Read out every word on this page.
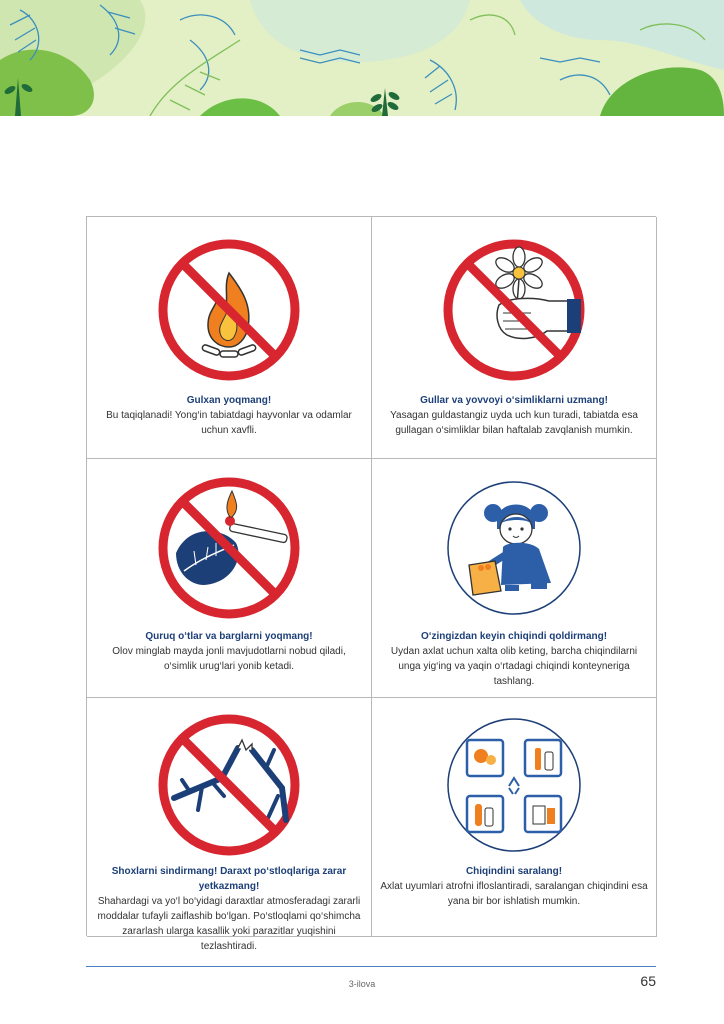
Gulxan yoqmang!
Bu taqiqlanadi! Yong‘in tabiatdagi hayvonlar va odamlar uchun xavfli.
Gullar va yovvoyi o‘simliklarni uzmang!
Yasagan guldastangiz uyda uch kun turadi, tabiatda esa gullagan o‘simliklar bilan haftalab zavqlanish mumkin.
Quruq o‘tlar va barglarni yoqmang!
Olov minglab mayda jonli mavjudotlarni nobud qiladi, o‘simlik urug‘lari yonib ketadi.
O‘zingizdan keyin chiqindi qoldirmang!
Uydan axlat uchun xalta olib keting, barcha chiqindilarni unga yig‘ing va yaqin o‘rtadagi chiqindi konteyneriga tashlang.
Shoxlarni sindirmang! Daraxt po‘stloqlariga zarar yetkazmang!
Shahardagi va yo‘l bo‘yidagi daraxtlar atmosferadagi zararli moddalar tufayli zaiflashib bo‘lgan. Po‘stloqlami qo‘shimcha zararlash ularga kasallik yoki parazitlar yuqishini tezlashtiradi.
Chiqindini saralang!
Axlat uyumlari atrofni ifloslantiradi, saralangan chiqindini esa yana bir bor ishlatish mumkin.
3-ilova	65
